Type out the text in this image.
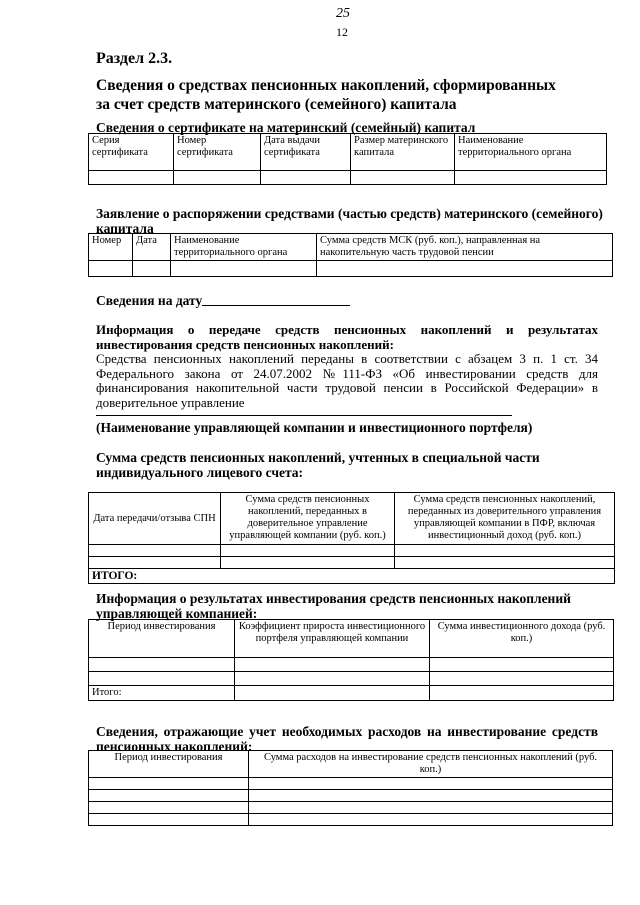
25
12
Раздел 2.3.
Сведения о средствах пенсионных накоплений, сформированных
за счет средств материнского (семейного) капитала
Сведения о сертификате на материнский (семейный) капитал
Серия сертификата	Номер сертификата	Дата выдачи сертификата	Размер материнского капитала	Наименование территориального органа

Заявление о распоряжении средствами (частью средств) материнского (семейного)
капитала
Номер	Дата	Наименование территориального органа	Сумма средств МСК (руб. коп.), направленная на накопительную часть трудовой пенсии

Сведения на дату
Информация о передаче средств пенсионных накоплений и результатах
инвестирования средств пенсионных накоплений:
Средства пенсионных накоплений переданы в соответствии с абзацем 3 п. 1 ст. 34 Федерального закона от 24.07.2002 №111-ФЗ «Об инвестировании средств для финансирования накопительной части трудовой пенсии в Российской Федерации» в доверительное управление
(Наименование управляющей компании и инвестиционного портфеля)
Сумма средств пенсионных накоплений, учтенных в специальной части
индивидуального лицевого счета:
Дата передачи/отзыва СПН	Сумма средств пенсионных накоплений, переданных в доверительное управление управляющей компании (руб. коп.)	Сумма средств пенсионных накоплений, переданных из доверительного управления управляющей компании в ПФР, включая инвестиционный доход (руб. коп.)

ИТОГО:		
Информация о результатах инвестирования средств пенсионных накоплений
управляющей компанией:
Период инвестирования	Коэффициент прироста инвестиционного портфеля управляющей компании	Сумма инвестиционного дохода (руб. коп.)

Итого:		
Сведения, отражающие учет необходимых расходов на инвестирование средств
пенсионных накоплений:
Период инвестирования	Сумма расходов на инвестирование средств пенсионных накоплений (руб. коп.)
